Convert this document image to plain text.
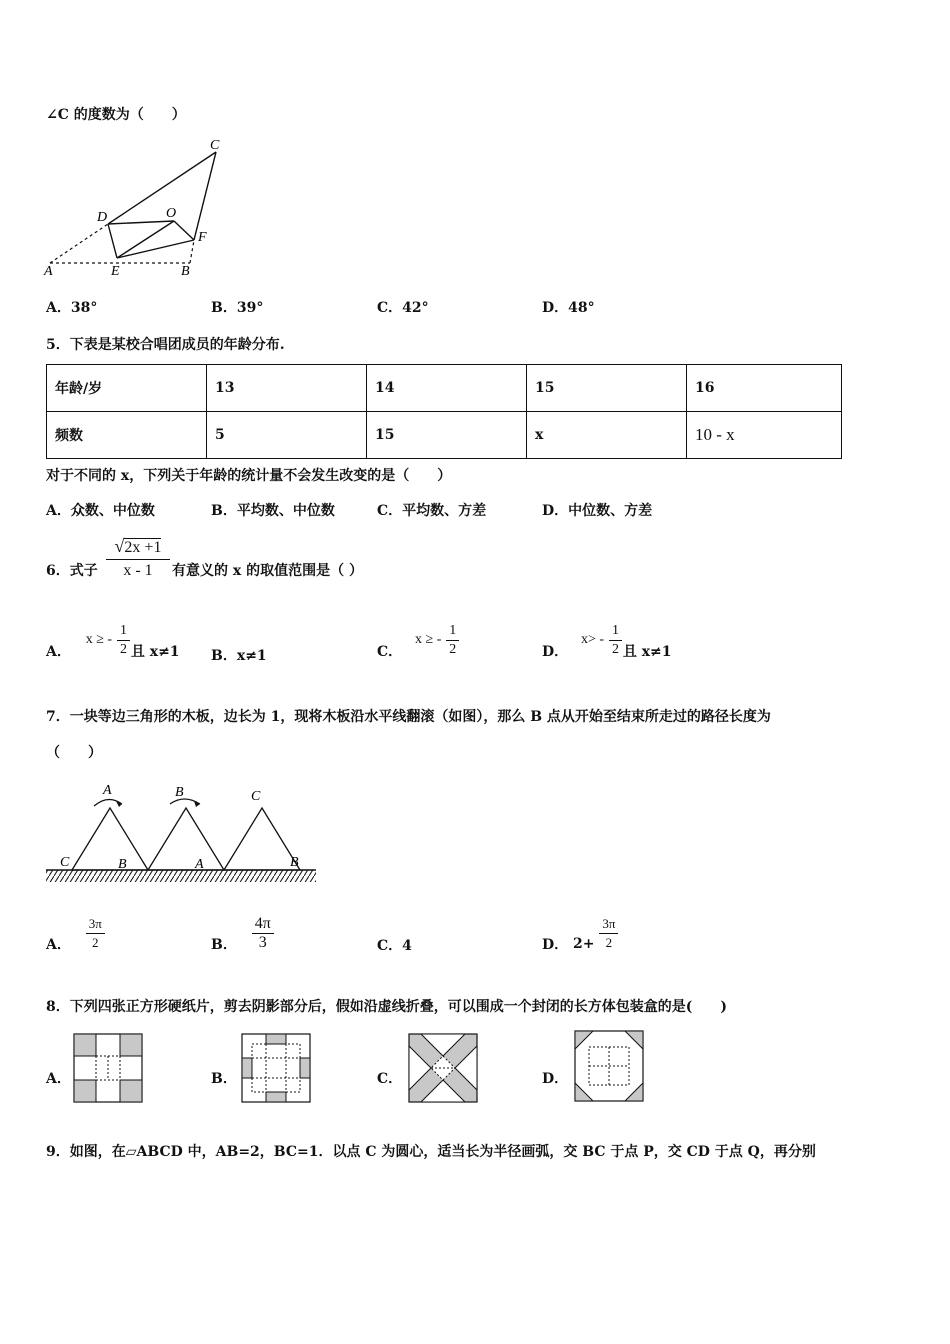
∠C 的度数为（　　）
C
D	O
F
A	E	B
A．38°	B．39°	C．42°	D．48°
5．下表是某校合唱团成员的年龄分布.
年龄/岁	13	14	15	16
频数	5	15	x	10 - x
对于不同的 x，下列关于年龄的统计量不会发生改变的是（　　）
A．众数、中位数	B．平均数、中位数	C．平均数、方差	D．中位数、方差
6．式子
√2x +1
x - 1	有意义的 x 的取值范围是（ ）
A． x ≥ - $\frac{1}{2}$ 且 x≠1 B．x≠1	C． x ≥ - $\frac{1}{2}$	D． $x> - \frac{1}{2}$ 且 x≠1
7．一块等边三角形的木板，边长为 1，现将木板沿水平线翻滚（如图），那么 B 点从开始至结束所走过的路径长度为
（　　）
A	B
C	B
C
A	B
A． $\frac{3\pi}{2}$	B． $\frac{4\pi}{3}$	C．4	D． $2+ \frac{3\pi}{2}$
8．下列四张正方形硬纸片，剪去阴影部分后，假如沿虚线折叠，可以围成一个封闭的长方体包装盒的是(　　)
A．	B．	C．	D．
9．如图，在▱ABCD 中，AB=2，BC=1．以点 C 为圆心，适当长为半径画弧，交 BC 于点 P，交 CD 于点 Q，再分别
